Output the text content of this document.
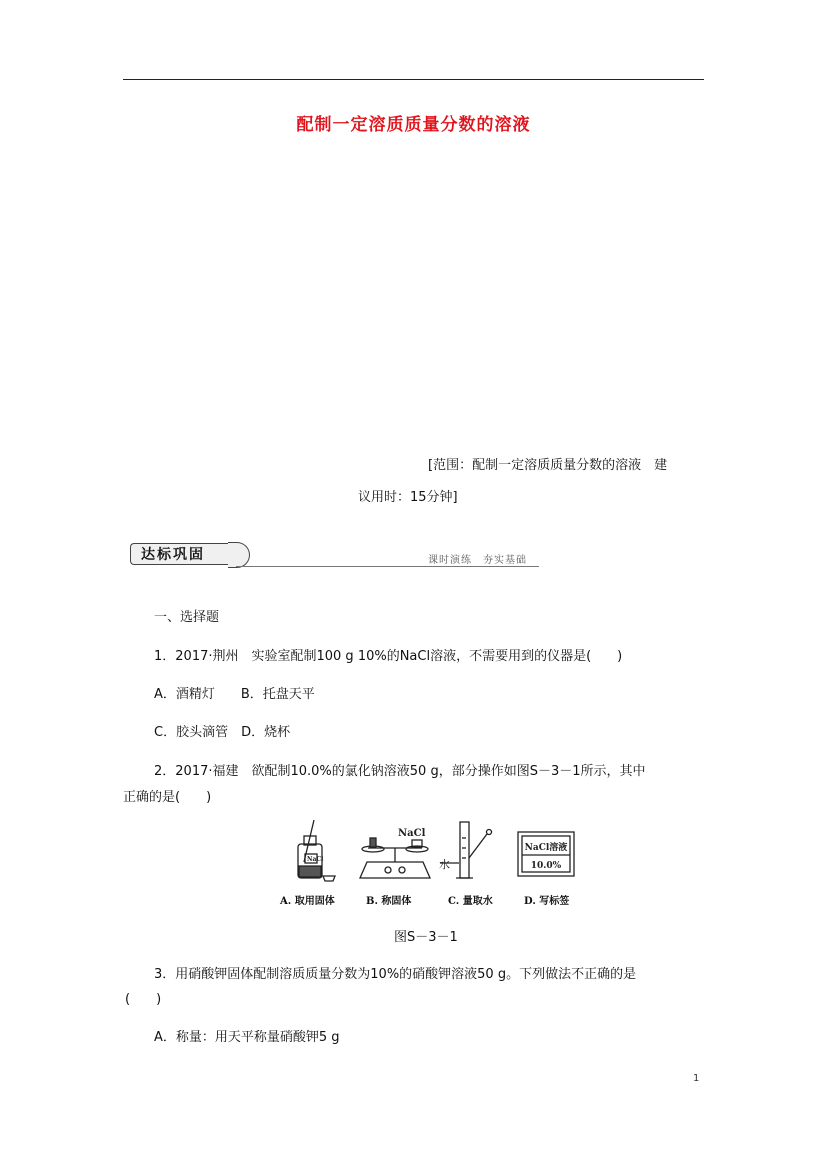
配制一定溶质质量分数的溶液
[范围：配制一定溶质质量分数的溶液　建
议用时：15分钟]
达标巩固	课时演练　夯实基础
一、选择题
1．2017·荆州　实验室配制100 g 10%的NaCl溶液，不需要用到的仪器是(　　)
A．酒精灯　　B．托盘天平
C．胶头滴管　D．烧杯
2．2017·福建　欲配制10.0%的氯化钠溶液50 g，部分操作如图S－3－1所示，其中
正确的是(　　)
NaCl
NaCl
水
NaCl溶液
10.0%
A. 取用固体	B. 称固体	C. 量取水	D. 写标签
图S－3－1
3．用硝酸钾固体配制溶质质量分数为10%的硝酸钾溶液50 g。下列做法不正确的是
(　　)
A．称量：用天平称量硝酸钾5 g
1
